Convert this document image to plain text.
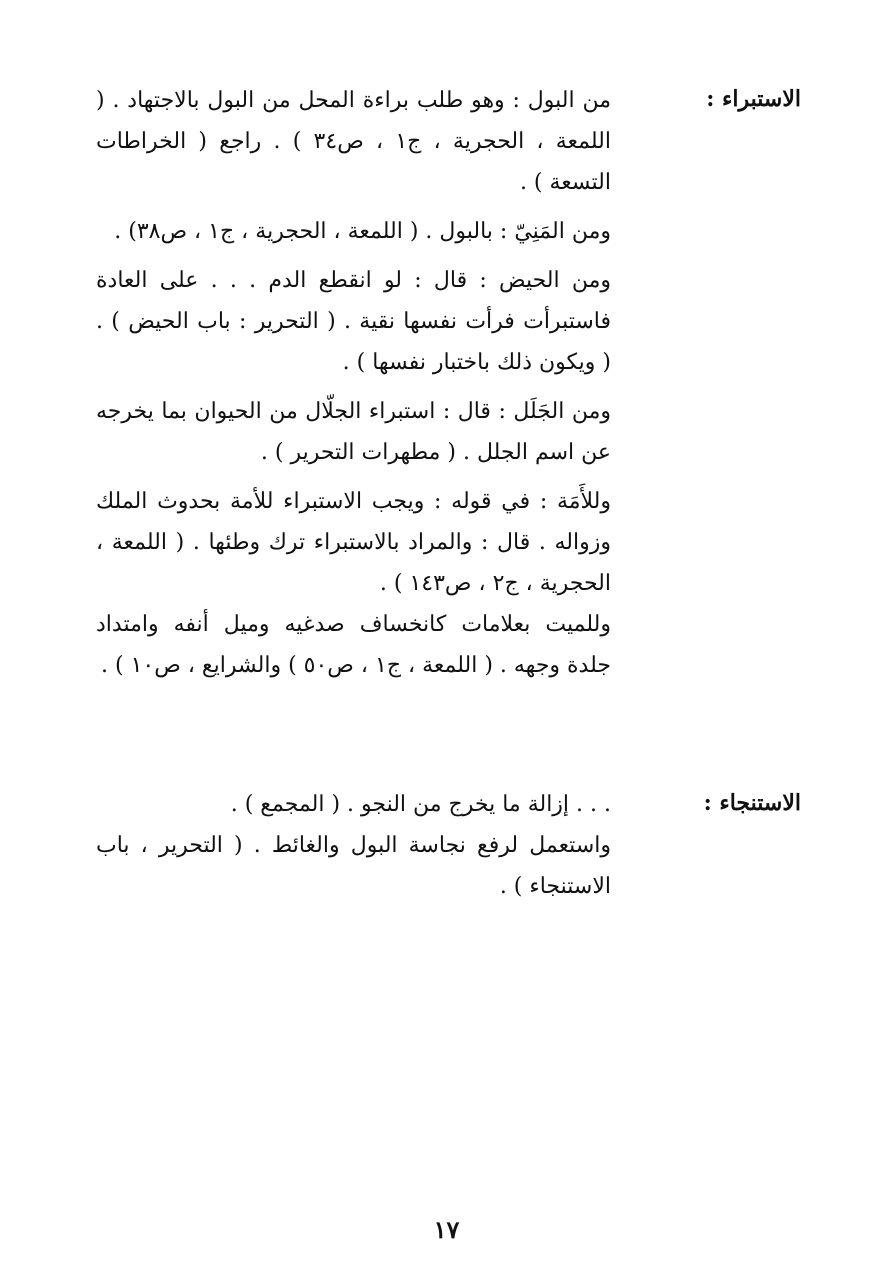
الاستبراء :

من البول : وهو طلب براءة المحل من البول بالاجتهاد . ( اللمعة ، الحجرية ، ج١ ، ص٣٤ ) . راجع ( الخراطات التسعة ) .

ومن المَنِيّ : بالبول . ( اللمعة ، الحجرية ، ج١ ، ص٣٨) .

ومن الحيض : قال : لو انقطع الدم . . . على العادة فاستبرأت فرأت نفسها نقية . ( التحرير : باب الحيض ) . ( ويكون ذلك باختبار نفسها ) .

ومن الجَلَل : قال : استبراء الجلّال من الحيوان بما يخرجه عن اسم الجلل . ( مطهرات التحرير ) .

وللأَمَة : في قوله : ويجب الاستبراء للأمة بحدوث الملك وزواله . قال : والمراد بالاستبراء ترك وطئها . ( اللمعة ، الحجرية ، ج٢ ، ص١٤٣ ) .

وللميت بعلامات كانخساف صدغيه وميل أنفه وامتداد جلدة وجهه . ( اللمعة ، ج١ ، ص٥٠ ) والشرايع ، ص١٠ ) .

الاستنجاء :

. . . إزالة ما يخرج من النجو . ( المجمع ) .

واستعمل لرفع نجاسة البول والغائط . ( التحرير ، باب الاستنجاء ) .

١٧
